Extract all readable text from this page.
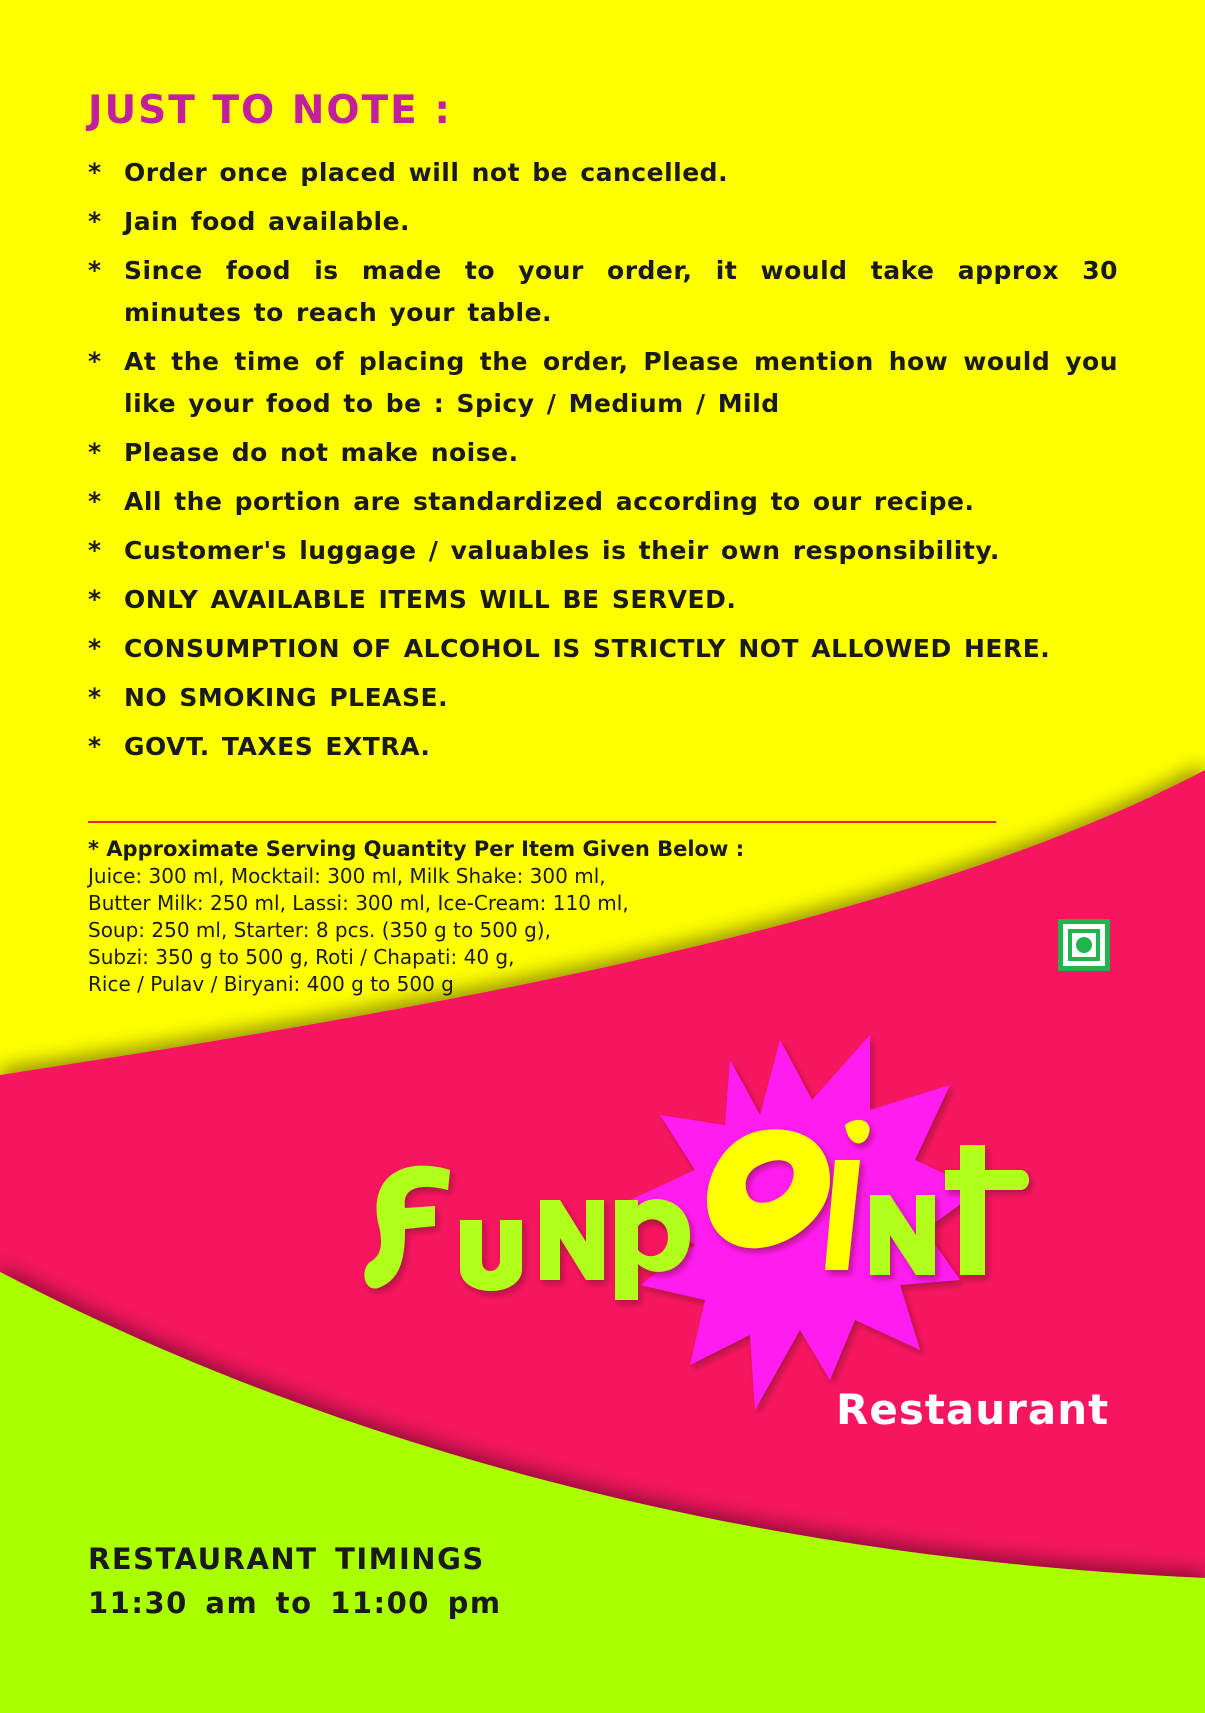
JUST TO NOTE :
* Order once placed will not be cancelled.
* Jain food available.
* Since food is made to your order, it would take approx 30 minutes to reach your table.
* At the time of placing the order, Please mention how would you like your food to be : Spicy / Medium / Mild
* Please do not make noise.
* All the portion are standardized according to our recipe.
* Customer's luggage / valuables is their own responsibility.
* ONLY AVAILABLE ITEMS WILL BE SERVED.
* CONSUMPTION OF ALCOHOL IS STRICTLY NOT ALLOWED HERE.
* NO SMOKING PLEASE.
* GOVT. TAXES EXTRA.
* Approximate Serving Quantity Per Item Given Below :
Juice: 300 ml, Mocktail: 300 ml, Milk Shake: 300 ml,
Butter Milk: 250 ml, Lassi: 300 ml, Ice-Cream: 110 ml,
Soup: 250 ml, Starter: 8 pcs. (350 g to 500 g),
Subzi: 350 g to 500 g, Roti / Chapati: 40 g,
Rice / Pulav / Biryani: 400 g to 500 g
Restaurant
RESTAURANT TIMINGS
11:30 am to 11:00 pm
